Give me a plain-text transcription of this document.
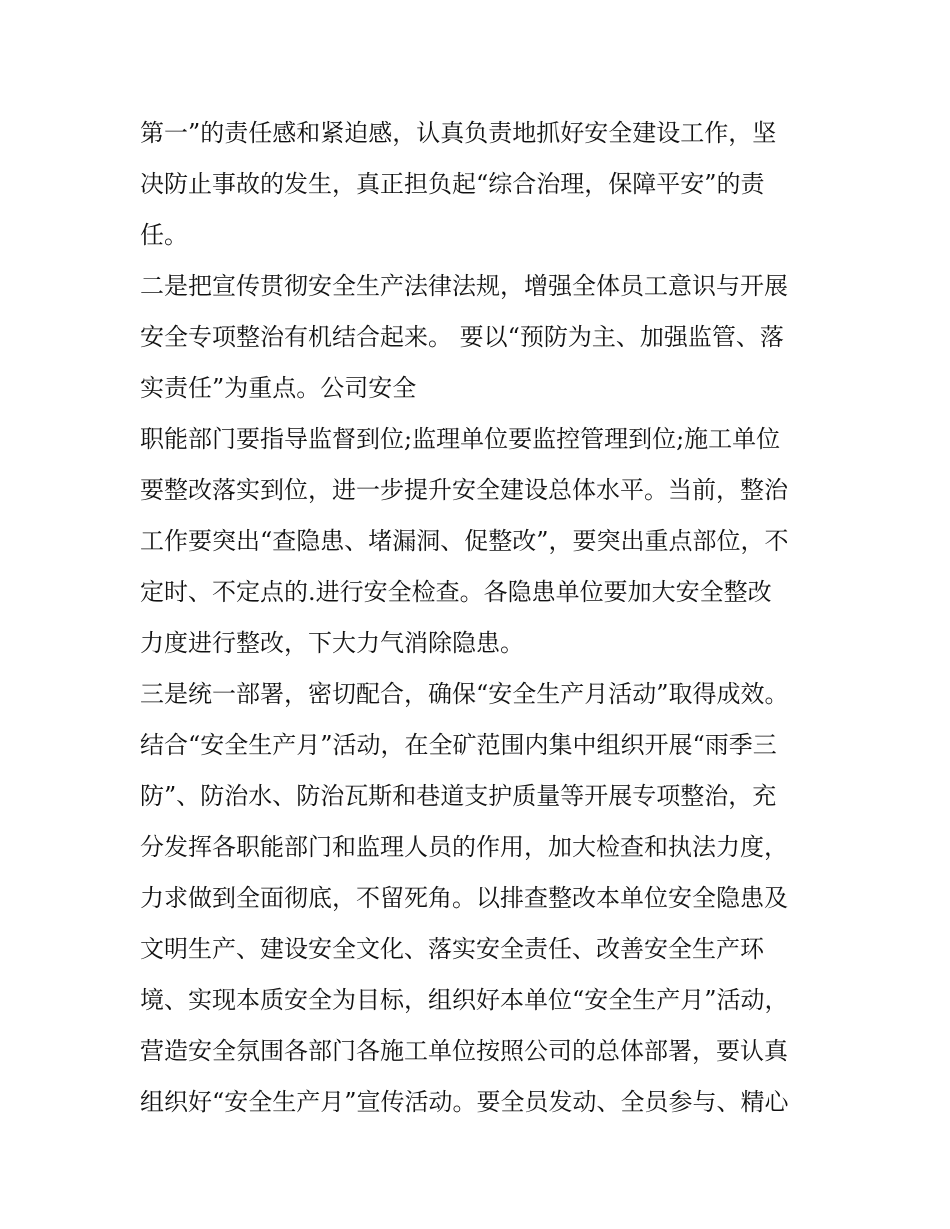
第一”的责任感和紧迫感，认真负责地抓好安全建设工作，坚
决防止事故的发生，真正担负起“综合治理，保障平安”的责
任。
二是把宣传贯彻安全生产法律法规，增强全体员工意识与开展
安全专项整治有机结合起来。 要以“预防为主、加强监管、落
实责任”为重点。公司安全
职能部门要指导监督到位;监理单位要监控管理到位;施工单位
要整改落实到位，进一步提升安全建设总体水平。当前，整治
工作要突出“查隐患、堵漏洞、促整改”，要突出重点部位，不
定时、不定点的.进行安全检查。各隐患单位要加大安全整改
力度进行整改，下大力气消除隐患。
三是统一部署，密切配合，确保“安全生产月活动”取得成效。
结合“安全生产月”活动，在全矿范围内集中组织开展“雨季三
防”、防治水、防治瓦斯和巷道支护质量等开展专项整治，充
分发挥各职能部门和监理人员的作用，加大检查和执法力度，
力求做到全面彻底，不留死角。以排查整改本单位安全隐患及
文明生产、建设安全文化、落实安全责任、改善安全生产环
境、实现本质安全为目标，组织好本单位“安全生产月”活动，
营造安全氛围各部门各施工单位按照公司的总体部署，要认真
组织好“安全生产月”宣传活动。要全员发动、全员参与、精心
